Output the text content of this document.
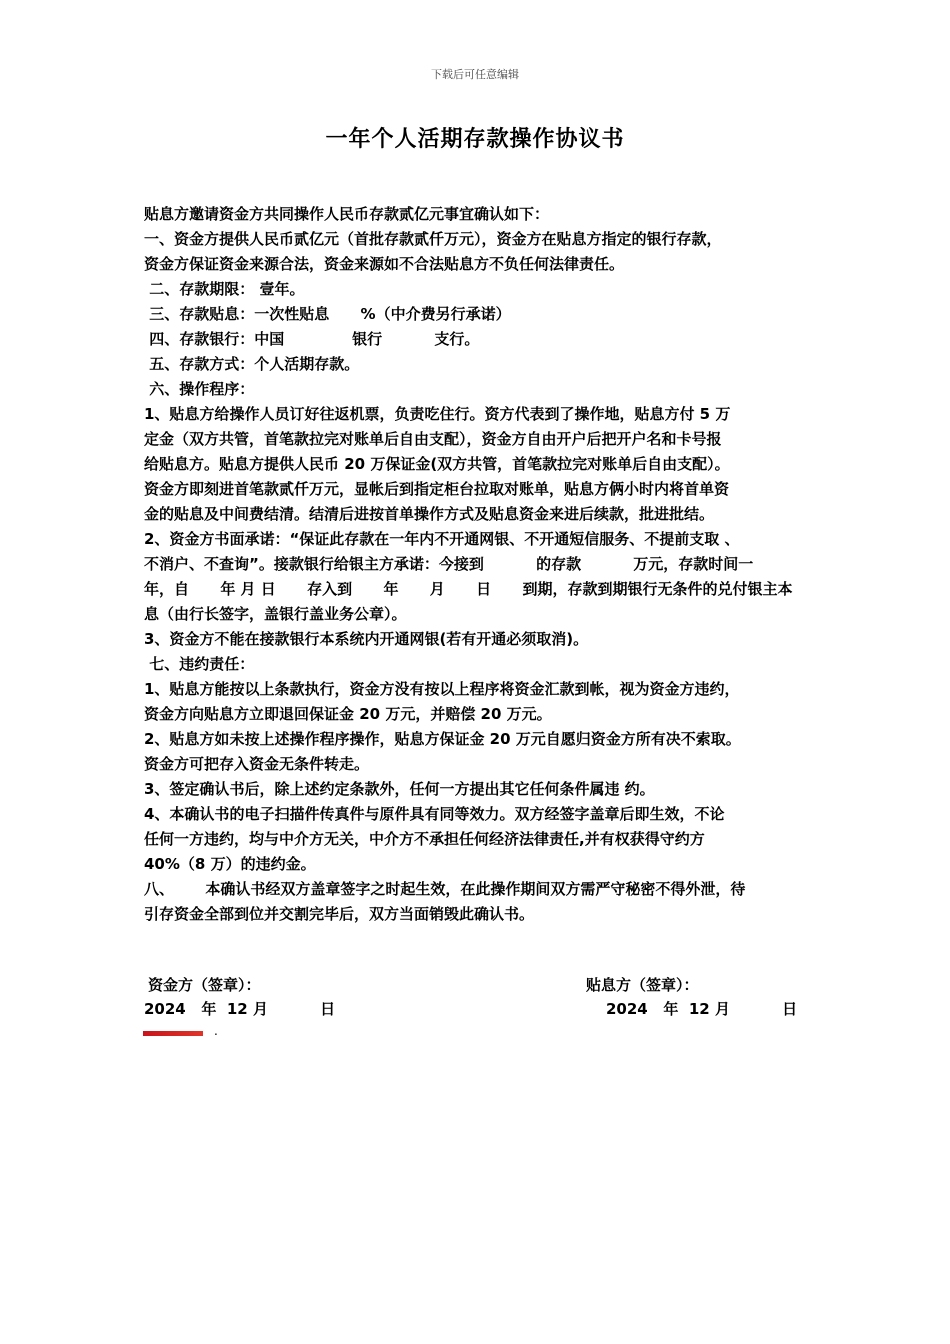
下载后可任意编辑
一年个人活期存款操作协议书
贴息方邀请资金方共同操作人民币存款贰亿元事宜确认如下：
一、资金方提供人民币贰亿元（首批存款贰仟万元），资金方在贴息方指定的银行存款，
资金方保证资金来源合法，资金来源如不合法贴息方不负任何法律责任。
二、存款期限： 壹年。
三、存款贴息：一次性贴息      %（中介费另行承诺）
四、存款银行：中国             银行          支行。
五、存款方式：个人活期存款。
六、操作程序：
1、贴息方给操作人员订好往返机票，负责吃住行。资方代表到了操作地，贴息方付 5 万
定金（双方共管，首笔款拉完对账单后自由支配），资金方自由开户后把开户名和卡号报
给贴息方。贴息方提供人民币 20 万保证金(双方共管，首笔款拉完对账单后自由支配）。
资金方即刻进首笔款贰仟万元，显帐后到指定柜台拉取对账单，贴息方俩小时内将首单资
金的贴息及中间费结清。结清后进按首单操作方式及贴息资金来进后续款，批进批结。
2、资金方书面承诺：“保证此存款在一年内不开通网银、不开通短信服务、不提前支取 、
不消户、不查询”。接款银行给银主方承诺：今接到          的存款          万元，存款时间一
年，自      年 月 日      存入到      年      月      日      到期，存款到期银行无条件的兑付银主本
息（由行长签字，盖银行盖业务公章）。
3、资金方不能在接款银行本系统内开通网银(若有开通必须取消)。
七、违约责任：
1、贴息方能按以上条款执行，资金方没有按以上程序将资金汇款到帐，视为资金方违约，
资金方向贴息方立即退回保证金 20 万元，并赔偿 20 万元。
2、贴息方如未按上述操作程序操作，贴息方保证金 20 万元自愿归资金方所有决不索取。
资金方可把存入资金无条件转走。
3、签定确认书后，除上述约定条款外，任何一方提出其它任何条件属违 约。
4、本确认书的电子扫描件传真件与原件具有同等效力。双方经签字盖章后即生效，不论
任何一方违约，均与中介方无关，中介方不承担任何经济法律责任,并有权获得守约方
40%（8 万）的违约金。
八、      本确认书经双方盖章签字之时起生效，在此操作期间双方需严守秘密不得外泄，待
引存资金全部到位并交割完毕后，双方当面销毁此确认书。
资金方（签章）：	贴息方（签章）：
2024   年  12 月          日	2024   年  12 月          日
.
